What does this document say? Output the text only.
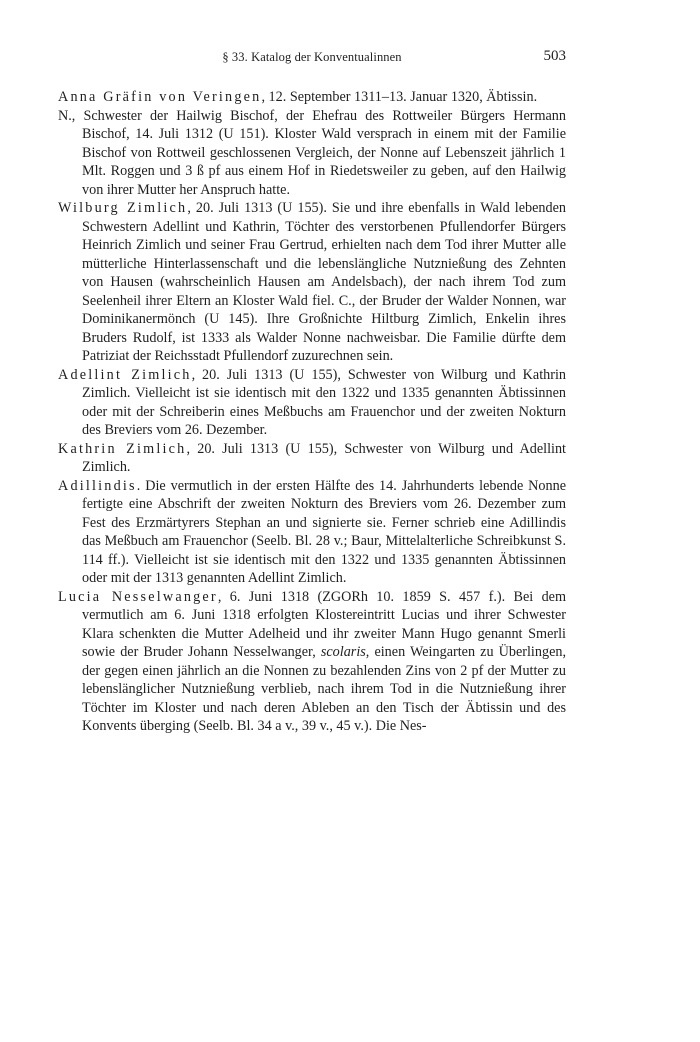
§ 33. Katalog der Konventualinnen	503

Anna Gräfin von Veringen, 12. September 1311–13. Januar 1320, Äbtissin.

N., Schwester der Hailwig Bischof, der Ehefrau des Rottweiler Bürgers Hermann Bischof, 14. Juli 1312 (U 151). Kloster Wald versprach in einem mit der Familie Bischof von Rottweil geschlossenen Vergleich, der Nonne auf Lebenszeit jährlich 1 Mlt. Roggen und 3 ß pf aus einem Hof in Riedetsweiler zu geben, auf den Hailwig von ihrer Mutter her Anspruch hatte.

Wilburg Zimlich, 20. Juli 1313 (U 155). Sie und ihre ebenfalls in Wald lebenden Schwestern Adellint und Kathrin, Töchter des verstorbenen Pfullendorfer Bürgers Heinrich Zimlich und seiner Frau Gertrud, erhielten nach dem Tod ihrer Mutter alle mütterliche Hinterlassenschaft und die lebenslängliche Nutznießung des Zehnten von Hausen (wahrscheinlich Hausen am Andelsbach), der nach ihrem Tod zum Seelenheil ihrer Eltern an Kloster Wald fiel. C., der Bruder der Walder Nonnen, war Dominikanermönch (U 145). Ihre Großnichte Hiltburg Zimlich, Enkelin ihres Bruders Rudolf, ist 1333 als Walder Nonne nachweisbar. Die Familie dürfte dem Patriziat der Reichsstadt Pfullendorf zuzurechnen sein.

Adellint Zimlich, 20. Juli 1313 (U 155), Schwester von Wilburg und Kathrin Zimlich. Vielleicht ist sie identisch mit den 1322 und 1335 genannten Äbtissinnen oder mit der Schreiberin eines Meßbuchs am Frauenchor und der zweiten Nokturn des Breviers vom 26. Dezember.

Kathrin Zimlich, 20. Juli 1313 (U 155), Schwester von Wilburg und Adellint Zimlich.

Adillindis. Die vermutlich in der ersten Hälfte des 14. Jahrhunderts lebende Nonne fertigte eine Abschrift der zweiten Nokturn des Breviers vom 26. Dezember zum Fest des Erzmärtyrers Stephan an und signierte sie. Ferner schrieb eine Adillindis das Meßbuch am Frauenchor (Seelb. Bl. 28 v.; Baur, Mittelalterliche Schreibkunst S. 114 ff.). Vielleicht ist sie identisch mit den 1322 und 1335 genannten Äbtissinnen oder mit der 1313 genannten Adellint Zimlich.

Lucia Nesselwanger, 6. Juni 1318 (ZGORh 10. 1859 S. 457 f.). Bei dem vermutlich am 6. Juni 1318 erfolgten Klostereintritt Lucias und ihrer Schwester Klara schenkten die Mutter Adelheid und ihr zweiter Mann Hugo genannt Smerli sowie der Bruder Johann Nesselwanger, scolaris, einen Weingarten zu Überlingen, der gegen einen jährlich an die Nonnen zu bezahlenden Zins von 2 pf der Mutter zu lebenslänglicher Nutznießung verblieb, nach ihrem Tod in die Nutznießung ihrer Töchter im Kloster und nach deren Ableben an den Tisch der Äbtissin und des Konvents überging (Seelb. Bl. 34 a v., 39 v., 45 v.). Die Nes-
